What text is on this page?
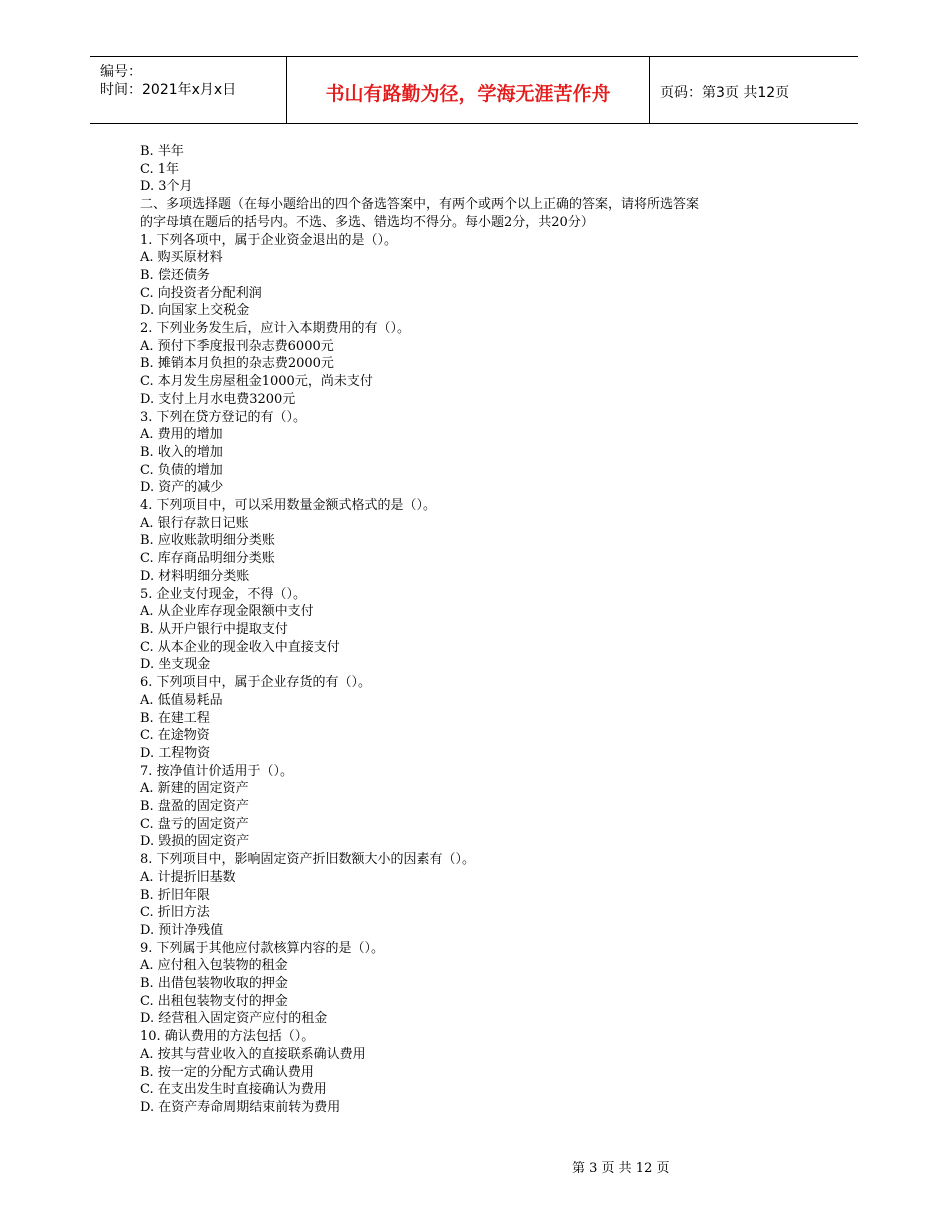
编号：
时间：2021年x月x日	书山有路勤为径，学海无涯苦作舟	页码：第3页 共12页
B. 半年
C. 1年
D. 3个月
二、多项选择题（在每小题给出的四个备选答案中，有两个或两个以上正确的答案，请将所选答案
的字母填在题后的括号内。不选、多选、错选均不得分。每小题2分，共20分）
1. 下列各项中，属于企业资金退出的是（）。
A. 购买原材料
B. 偿还债务
C. 向投资者分配利润
D. 向国家上交税金
2. 下列业务发生后，应计入本期费用的有（）。
A. 预付下季度报刊杂志费6000元
B. 摊销本月负担的杂志费2000元
C. 本月发生房屋租金1000元，尚未支付
D. 支付上月水电费3200元
3. 下列在贷方登记的有（）。
A. 费用的增加
B. 收入的增加
C. 负债的增加
D. 资产的减少
4. 下列项目中，可以采用数量金额式格式的是（）。
A. 银行存款日记账
B. 应收账款明细分类账
C. 库存商品明细分类账
D. 材料明细分类账
5. 企业支付现金，不得（）。
A. 从企业库存现金限额中支付
B. 从开户银行中提取支付
C. 从本企业的现金收入中直接支付
D. 坐支现金
6. 下列项目中，属于企业存货的有（）。
A. 低值易耗品
B. 在建工程
C. 在途物资
D. 工程物资
7. 按净值计价适用于（）。
A. 新建的固定资产
B. 盘盈的固定资产
C. 盘亏的固定资产
D. 毁损的固定资产
8. 下列项目中，影响固定资产折旧数额大小的因素有（）。
A. 计提折旧基数
B. 折旧年限
C. 折旧方法
D. 预计净残值
9. 下列属于其他应付款核算内容的是（）。
A. 应付租入包装物的租金
B. 出借包装物收取的押金
C. 出租包装物支付的押金
D. 经营租入固定资产应付的租金
10. 确认费用的方法包括（）。
A. 按其与营业收入的直接联系确认费用
B. 按一定的分配方式确认费用
C. 在支出发生时直接确认为费用
D. 在资产寿命周期结束前转为费用
第 3 页 共 12 页
